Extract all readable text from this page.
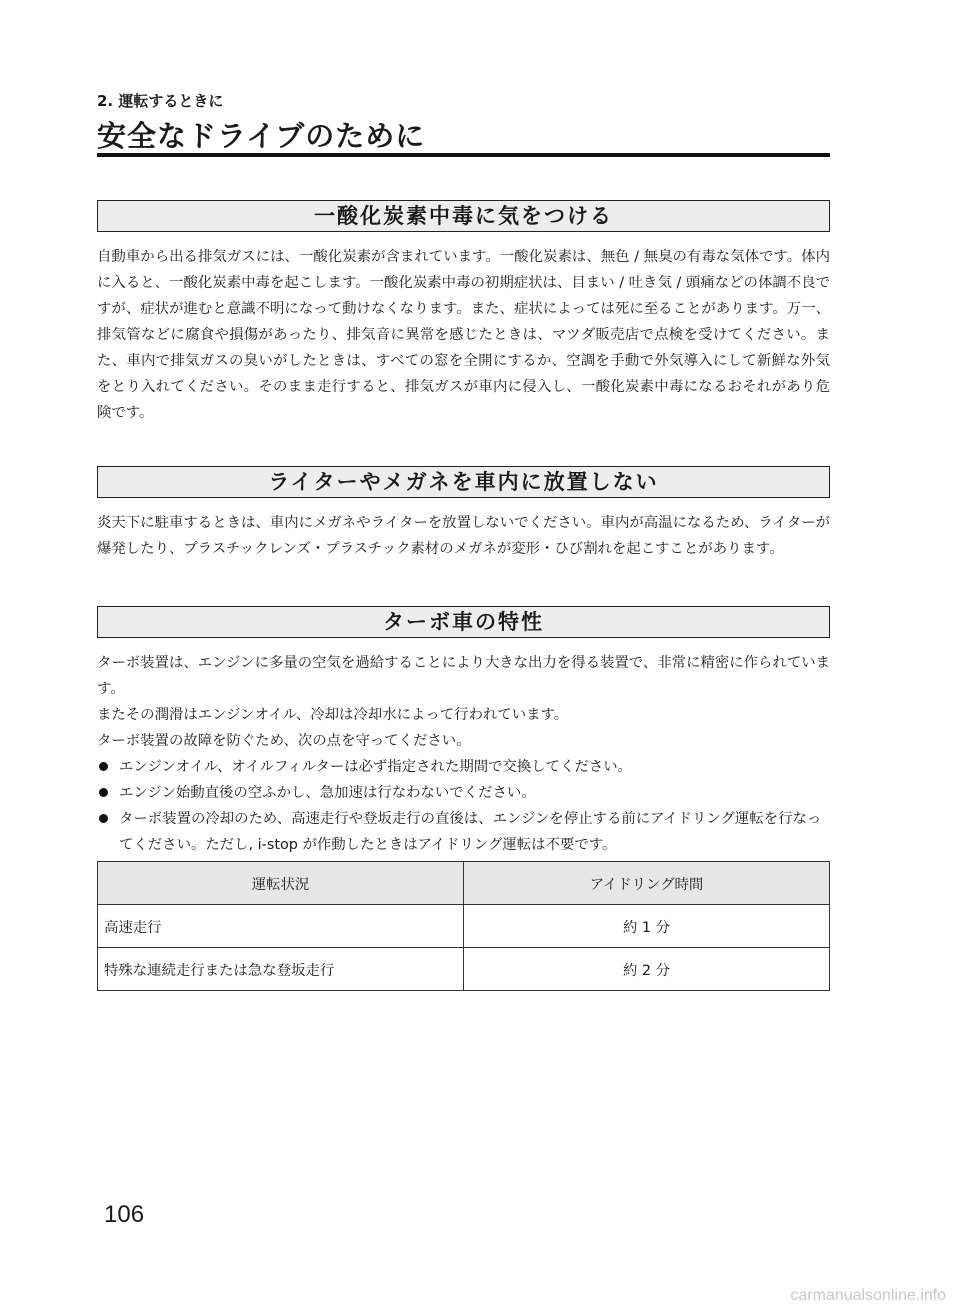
2. 運転するときに
安全なドライブのために
一酸化炭素中毒に気をつける

自動車から出る排気ガスには、一酸化炭素が含まれています。一酸化炭素は、無色 / 無臭の有毒な気体です。体内に入ると、一酸化炭素中毒を起こします。一酸化炭素中毒の初期症状は、目まい / 吐き気 / 頭痛などの体調不良ですが、症状が進むと意識不明になって動けなくなります。また、症状によっては死に至ることがあります。万一、排気管などに腐食や損傷があったり、排気音に異常を感じたときは、マツダ販売店で点検を受けてください。また、車内で排気ガスの臭いがしたときは、すべての窓を全開にするか、空調を手動で外気導入にして新鮮な外気をとり入れてください。そのまま走行すると、排気ガスが車内に侵入し、一酸化炭素中毒になるおそれがあり危険です。

ライターやメガネを車内に放置しない

炎天下に駐車するときは、車内にメガネやライターを放置しないでください。車内が高温になるため、ライターが爆発したり、プラスチックレンズ・プラスチック素材のメガネが変形・ひび割れを起こすことがあります。

ターボ車の特性

ターボ装置は、エンジンに多量の空気を過給することにより大きな出力を得る装置で、非常に精密に作られています。

またその潤滑はエンジンオイル、冷却は冷却水によって行われています。

ターボ装置の故障を防ぐため、次の点を守ってください。

エンジンオイル、オイルフィルターは必ず指定された期間で交換してください。
エンジン始動直後の空ふかし、急加速は行なわないでください。
ターボ装置の冷却のため、高速走行や登坂走行の直後は、エンジンを停止する前にアイドリング運転を行なってください。ただし, i-stop が作動したときはアイドリング運転は不要です。
運転状況	アイドリング時間
高速走行	約 1 分
特殊な連続走行または急な登坂走行	約 2 分
106
carmanualsonline.info
